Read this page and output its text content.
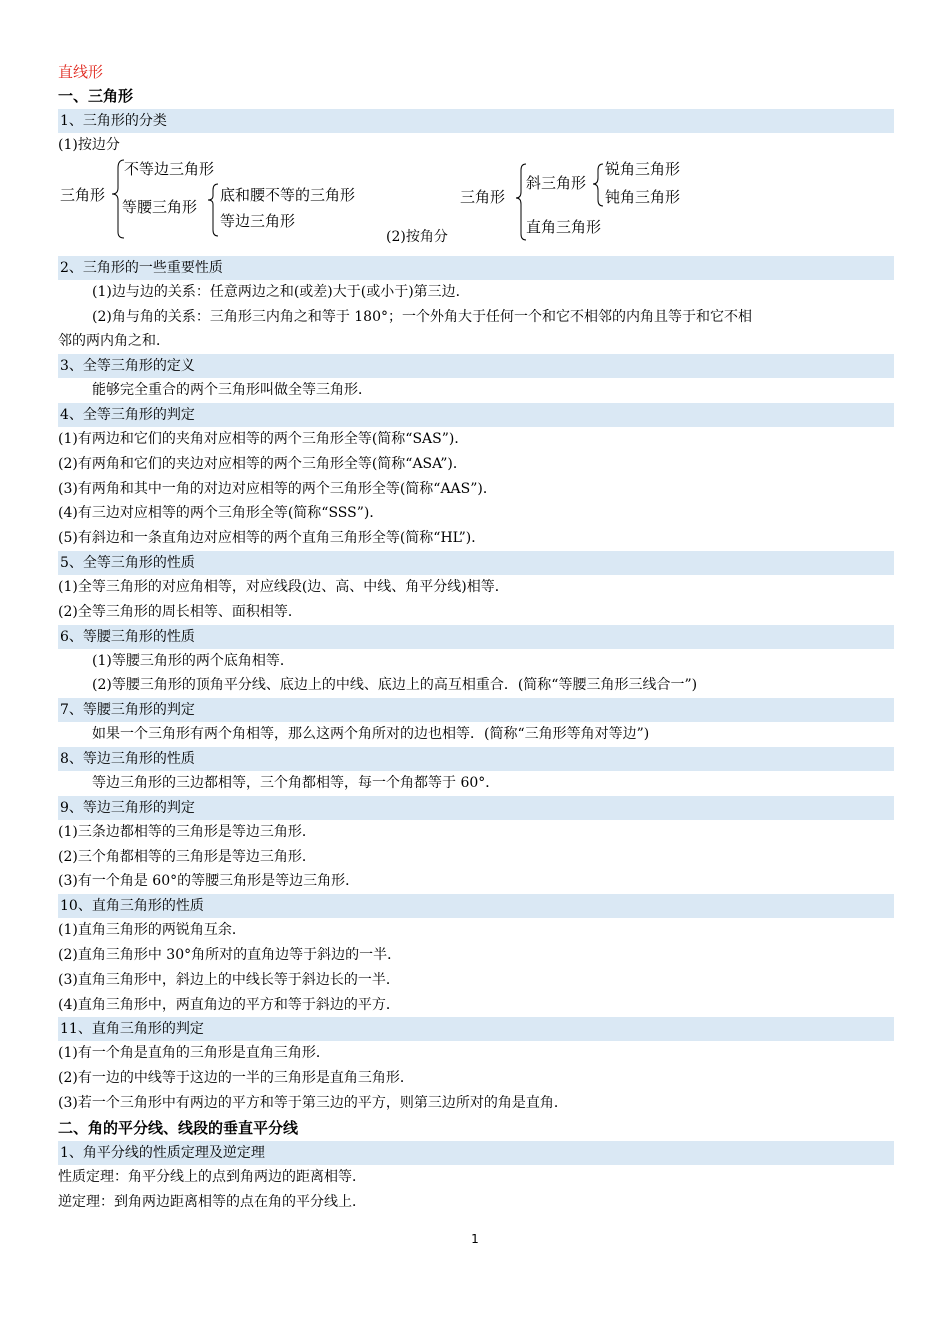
直线形
一、三角形
1、三角形的分类
(1)按边分
三角形
不等边三角形
等腰三角形
底和腰不等的三角形
等边三角形
(2)按角分
三角形
斜三角形
锐角三角形
钝角三角形
直角三角形
2、三角形的一些重要性质
(1)边与边的关系：任意两边之和(或差)大于(或小于)第三边．
(2)角与角的关系：三角形三内角之和等于 180°；一个外角大于任何一个和它不相邻的内角且等于和它不相
邻的两内角之和．
3、全等三角形的定义
能够完全重合的两个三角形叫做全等三角形．
4、全等三角形的判定
(1)有两边和它们的夹角对应相等的两个三角形全等(简称“SAS”)．
(2)有两角和它们的夹边对应相等的两个三角形全等(简称“ASA”)．
(3)有两角和其中一角的对边对应相等的两个三角形全等(简称“AAS”)．
(4)有三边对应相等的两个三角形全等(简称“SSS”)．
(5)有斜边和一条直角边对应相等的两个直角三角形全等(简称“HL”)．
5、全等三角形的性质
(1)全等三角形的对应角相等，对应线段(边、高、中线、角平分线)相等．
(2)全等三角形的周长相等、面积相等．
6、等腰三角形的性质
(1)等腰三角形的两个底角相等．
(2)等腰三角形的顶角平分线、底边上的中线、底边上的高互相重合．(简称“等腰三角形三线合一”)
7、等腰三角形的判定
如果一个三角形有两个角相等，那么这两个角所对的边也相等．(简称“三角形等角对等边”)
8、等边三角形的性质
等边三角形的三边都相等，三个角都相等，每一个角都等于 60°．
9、等边三角形的判定
(1)三条边都相等的三角形是等边三角形．
(2)三个角都相等的三角形是等边三角形．
(3)有一个角是 60°的等腰三角形是等边三角形．
10、直角三角形的性质
(1)直角三角形的两锐角互余．
(2)直角三角形中 30°角所对的直角边等于斜边的一半．
(3)直角三角形中，斜边上的中线长等于斜边长的一半．
(4)直角三角形中，两直角边的平方和等于斜边的平方．
11、直角三角形的判定
(1)有一个角是直角的三角形是直角三角形．
(2)有一边的中线等于这边的一半的三角形是直角三角形．
(3)若一个三角形中有两边的平方和等于第三边的平方，则第三边所对的角是直角．
二、角的平分线、线段的垂直平分线
1、角平分线的性质定理及逆定理
性质定理：角平分线上的点到角两边的距离相等．
逆定理：到角两边距离相等的点在角的平分线上．
1
